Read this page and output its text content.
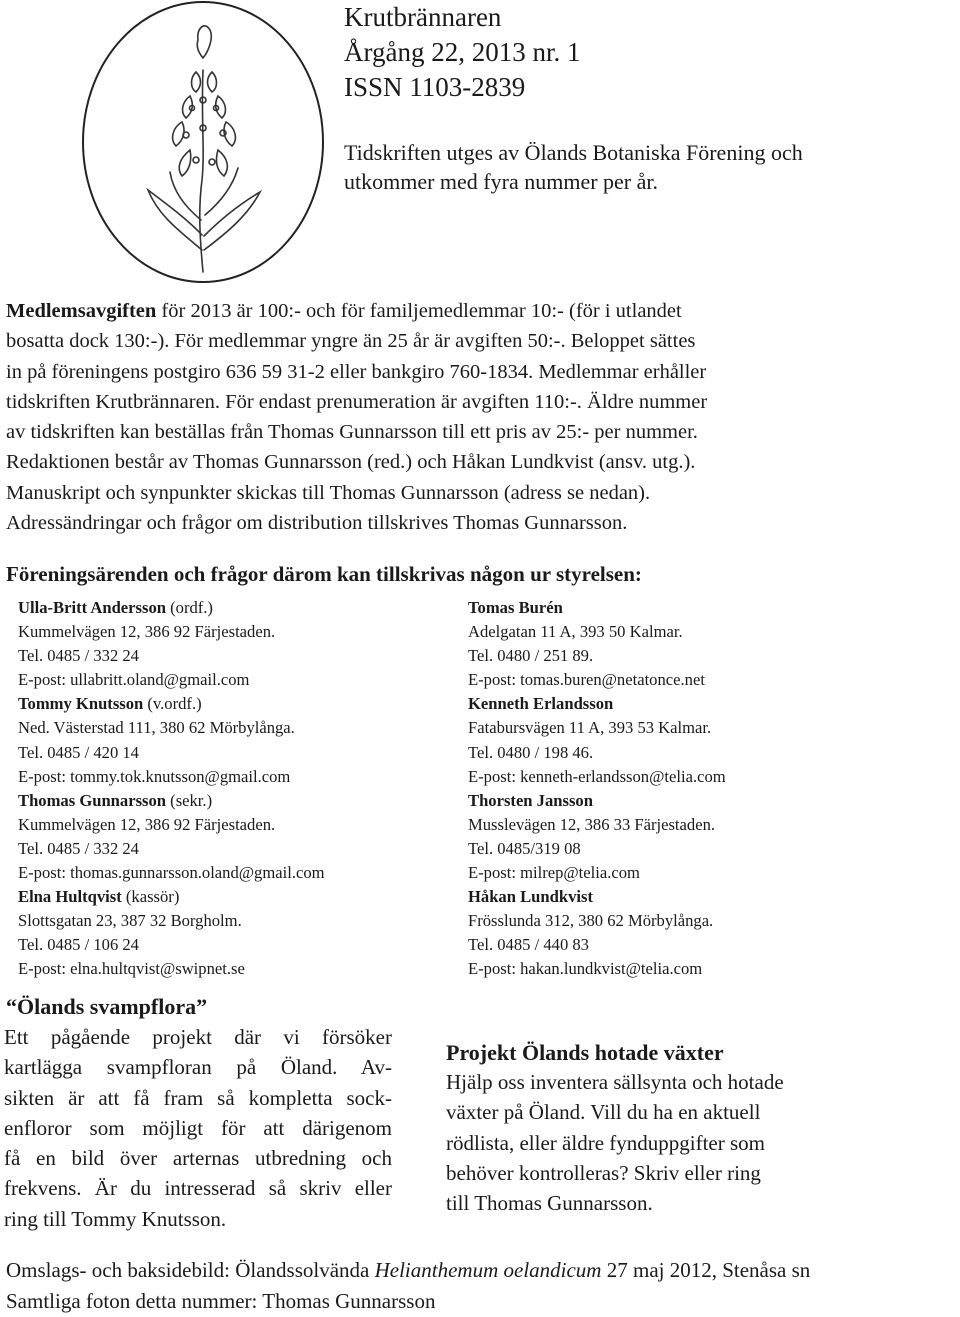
Krutbrännaren
Årgång 22, 2013 nr. 1
ISSN 1103-2839
Tidskriften utges av Ölands Botaniska Förening och
utkommer med fyra nummer per år.
Medlemsavgiften för 2013 är 100:- och för familjemedlemmar 10:- (för i utlandet
bosatta dock 130:-). För medlemmar yngre än 25 år är avgiften 50:-. Beloppet sättes
in på föreningens postgiro 636 59 31-2 eller bankgiro 760-1834. Medlemmar erhåller
tidskriften Krutbrännaren. För endast prenumeration är avgiften 110:-. Äldre nummer
av tidskriften kan beställas från Thomas Gunnarsson till ett pris av 25:- per nummer.
Redaktionen består av Thomas Gunnarsson (red.) och Håkan Lundkvist (ansv. utg.).
Manuskript och synpunkter skickas till Thomas Gunnarsson (adress se nedan).
Adressändringar och frågor om distribution tillskrives Thomas Gunnarsson.
Föreningsärenden och frågor därom kan tillskrivas någon ur styrelsen:
Ulla-Britt Andersson (ordf.)
Kummelvägen 12, 386 92 Färjestaden.
Tel. 0485 / 332 24
E-post: ullabritt.oland@gmail.com
Tommy Knutsson (v.ordf.)
Ned. Västerstad 111, 380 62 Mörbylånga.
Tel. 0485 / 420 14
E-post: tommy.tok.knutsson@gmail.com
Thomas Gunnarsson (sekr.)
Kummelvägen 12, 386 92 Färjestaden.
Tel. 0485 / 332 24
E-post: thomas.gunnarsson.oland@gmail.com
Elna Hultqvist (kassör)
Slottsgatan 23, 387 32 Borgholm.
Tel. 0485 / 106 24
E-post: elna.hultqvist@swipnet.se
Tomas Burén
Adelgatan 11 A, 393 50 Kalmar.
Tel. 0480 / 251 89.
E-post: tomas.buren@netatonce.net
Kenneth Erlandsson
Fatabursvägen 11 A, 393 53 Kalmar.
Tel. 0480 / 198 46.
E-post: kenneth-erlandsson@telia.com
Thorsten Jansson
Musslevägen 12, 386 33 Färjestaden.
Tel. 0485/319 08
E-post: milrep@telia.com
Håkan Lundkvist
Frösslunda 312, 380 62 Mörbylånga.
Tel. 0485 / 440 83
E-post: hakan.lundkvist@telia.com
“Ölands svampflora”
Ett pågående projekt där vi försöker
kartlägga svampfloran på Öland. Av-
sikten är att få fram så kompletta sock-
enfloror som möjligt för att därigenom
få en bild över arternas utbredning och
frekvens. Är du intresserad så skriv eller
ring till Tommy Knutsson.
Projekt Ölands hotade växter
Hjälp oss inventera sällsynta och hotade
växter på Öland. Vill du ha en aktuell
rödlista, eller äldre fynduppgifter som
behöver kontrolleras? Skriv eller ring
till Thomas Gunnarsson.
Omslags- och baksidebild: Ölandssolvända Helianthemum oelandicum 27 maj 2012, Stenåsa sn
Samtliga foton detta nummer: Thomas Gunnarsson
